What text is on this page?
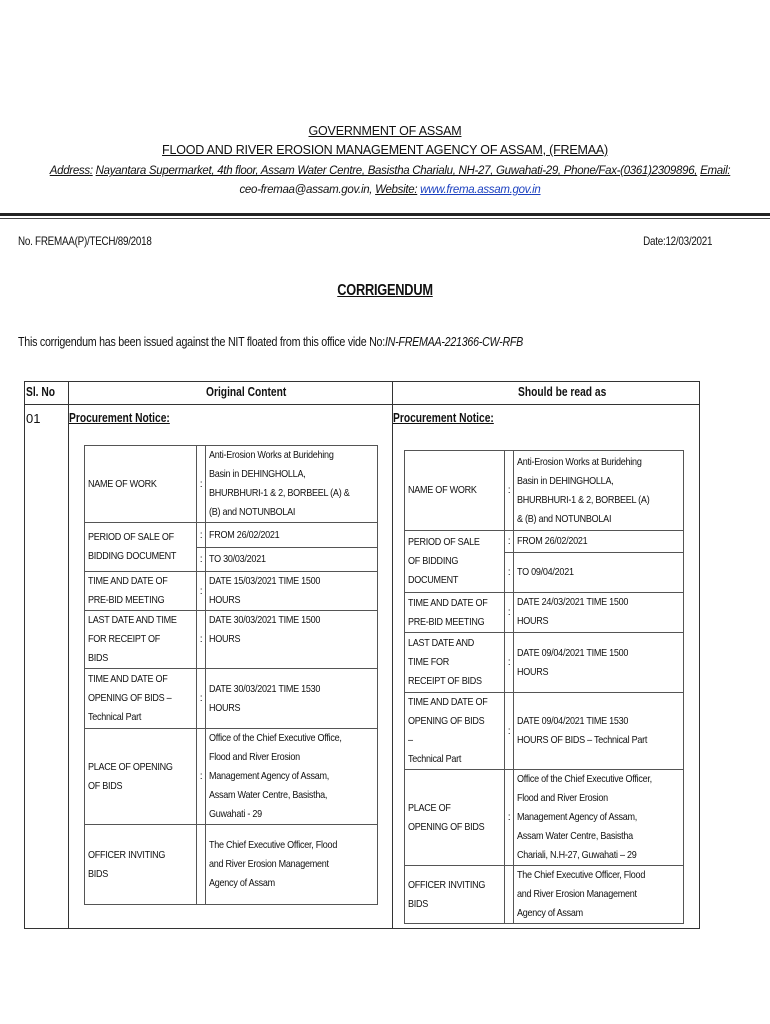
GOVERNMENT OF ASSAM
FLOOD AND RIVER EROSION MANAGEMENT AGENCY OF ASSAM, (FREMAA)
Address: Nayantara Supermarket, 4th floor, Assam Water Centre, Basistha Charialu, NH-27, Guwahati-29, Phone/Fax-(0361)2309896, Email: ceo-fremaa@assam.gov.in, Website: www.frema.assam.gov.in
No. FREMAA(P)/TECH/89/2018	Date:12/03/2021
CORRIGENDUM
This corrigendum has been issued against the NIT floated from this office vide No:IN-FREMAA-221366-CW-RFB
Sl. No	Original Content	Should be read as
01 Procurement Notice:	Procurement Notice:
NAME OF WORK	:	Anti-Erosion Works at Buridehing Basin in DEHINGHOLLA, BHURBHURI-1 & 2, BORBEEL (A) & (B) and NOTUNBOLAI
PERIOD OF SALE OF BIDDING DOCUMENT	:	FROM 26/02/2021
	:	TO 30/03/2021
TIME AND DATE OF PRE-BID MEETING	:	DATE 15/03/2021 TIME 1500 HOURS
LAST DATE AND TIME FOR RECEIPT OF BIDS	:	DATE 30/03/2021 TIME 1500 HOURS
TIME AND DATE OF OPENING OF BIDS –
Technical Part	:	DATE 30/03/2021 TIME 1530 HOURS
PLACE OF OPENING OF BIDS	:	Office of the Chief Executive Office, Flood and River Erosion Management Agency of Assam, Assam Water Centre, Basistha, Guwahati - 29
OFFICER INVITING BIDS		The Chief Executive Officer, Flood and River Erosion Management Agency of Assam
NAME OF WORK	:	Anti-Erosion Works at Buridehing Basin in DEHINGHOLLA, BHURBHURI-1 & 2, BORBEEL (A) & (B) and NOTUNBOLAI
PERIOD OF SALE OF BIDDING DOCUMENT	:	FROM 26/02/2021
	:	TO 09/04/2021
TIME AND DATE OF PRE-BID MEETING	:	DATE 24/03/2021 TIME 1500 HOURS
LAST DATE AND TIME FOR RECEIPT OF BIDS	:	DATE 09/04/2021 TIME 1500 HOURS
TIME AND DATE OF OPENING OF BIDS –
Technical Part	:	DATE 09/04/2021 TIME 1530 HOURS OF BIDS – Technical Part
PLACE OF OPENING OF BIDS	:	Office of the Chief Executive Officer, Flood and River Erosion Management Agency of Assam, Assam Water Centre, Basistha Chariali, N.H-27, Guwahati – 29
OFFICER INVITING BIDS		The Chief Executive Officer, Flood and River Erosion Management Agency of Assam
